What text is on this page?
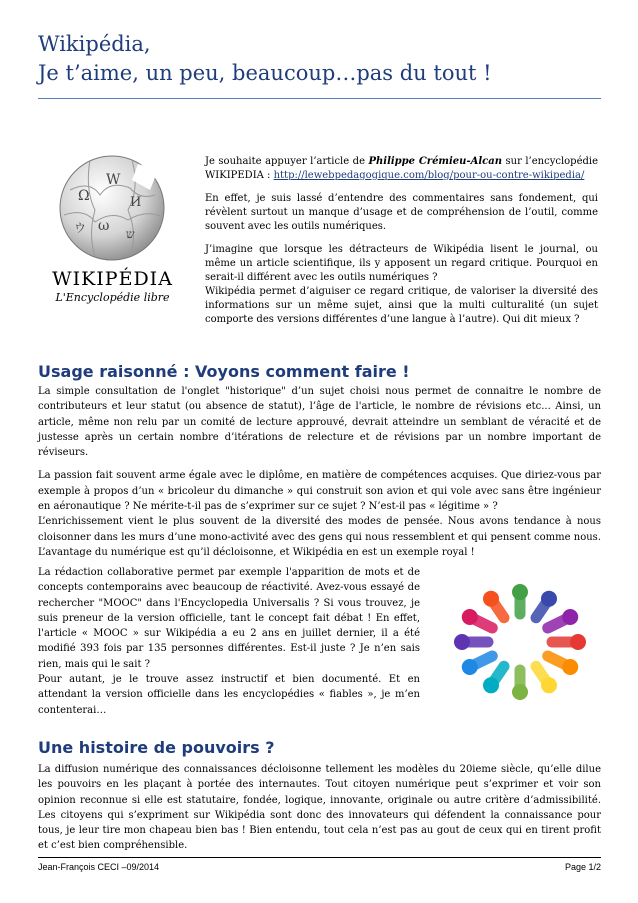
Wikipédia,
Je t’aime, un peu, beaucoup…pas du tout !
Ω
W
И
ω
ウ	ש
WIKIPÉDIA
L'Encyclopédie libre

Je souhaite appuyer l’article de Philippe Crémieu-Alcan sur l’encyclopédie WIKIPEDIA : http://lewebpedagogique.com/blog/pour-ou-contre-wikipedia/

En effet, je suis lassé d’entendre des commentaires sans fondement, qui révèlent surtout un manque d’usage et de compréhension de l’outil, comme souvent avec les outils numériques.

J’imagine que lorsque les détracteurs de Wikipédia lisent le journal, ou même un article scientifique, ils y apposent un regard critique. Pourquoi en serait-il différent avec les outils numériques ?

Wikipédia permet d’aiguiser ce regard critique, de valoriser la diversité des informations sur un même sujet, ainsi que la multi culturalité (un sujet comporte des versions différentes d’une langue à l’autre). Qui dit mieux ?

Usage raisonné : Voyons comment faire !

La simple consultation de l'onglet "historique" d’un sujet choisi nous permet de connaitre le nombre de contributeurs et leur statut (ou absence de statut), l’âge de l'article, le nombre de révisions etc... Ainsi, un article, même non relu par un comité de lecture approuvé, devrait atteindre un semblant de véracité et de justesse après un certain nombre d’itérations de relecture et de révisions par un nombre important de réviseurs.

La passion fait souvent arme égale avec le diplôme, en matière de compétences acquises. Que diriez-vous par exemple à propos d’un « bricoleur du dimanche » qui construit son avion et qui vole avec sans être ingénieur en aéronautique ? Ne mérite-t-il pas de s’exprimer sur ce sujet ? N’est-il pas « légitime » ?

L’enrichissement vient le plus souvent de la diversité des modes de pensée. Nous avons tendance à nous cloisonner dans les murs d’une mono-activité avec des gens qui nous ressemblent et qui pensent comme nous. L’avantage du numérique est qu’il décloisonne, et Wikipédia en est un exemple royal !

La rédaction collaborative permet par exemple l'apparition de mots et de concepts contemporains avec beaucoup de réactivité. Avez-vous essayé de rechercher "MOOC" dans l'Encyclopedia Universalis ? Si vous trouvez, je suis preneur de la version officielle, tant le concept fait débat ! En effet, l'article « MOOC » sur Wikipédia a eu 2 ans en juillet dernier, il a été modifié 393 fois par 135 personnes différentes. Est-il juste ? Je n’en sais rien, mais qui le sait ?

Pour autant, je le trouve assez instructif et bien documenté. Et en attendant la version officielle dans les encyclopédies « fiables », je m’en contenterai…

Une histoire de pouvoirs ?

La diffusion numérique des connaissances décloisonne tellement les modèles du 20ieme siècle, qu’elle dilue les pouvoirs en les plaçant à portée des internautes. Tout citoyen numérique peut s’exprimer et voir son opinion reconnue si elle est statutaire, fondée, logique, innovante, originale ou autre critère d’admissibilité. Les citoyens qui s’expriment sur Wikipédia sont donc des innovateurs qui défendent la connaissance pour tous, je leur tire mon chapeau bien bas ! Bien entendu, tout cela n’est pas au gout de ceux qui en tirent profit et c’est bien compréhensible.

Jean-François CECI –09/2014	Page 1/2
